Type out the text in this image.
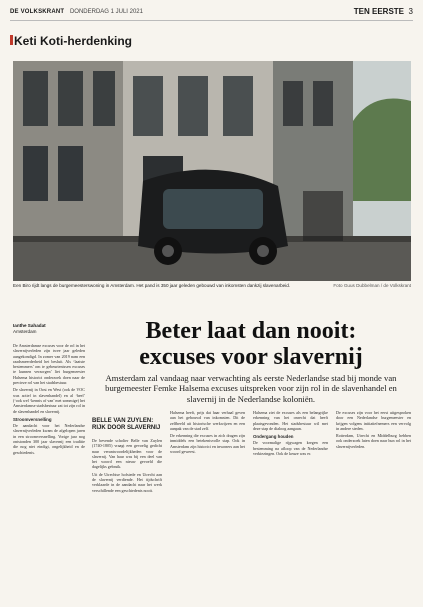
DE VOLKSKRANT DONDERDAG 1 JULI 2021	TEN EERSTE 3
Keti Koti-herdenking
Een Biro rijdt langs de burgemeesterswoning in Amsterdam. Het pand is 350 jaar geleden gebouwd van inkomsten dankzij slavenarbeid.	Foto Guus Dubbelman / de Volkskrant
Ianthe Sahadat
Amsterdam	Beter laat dan nooit:
excuses voor slavernij
Amsterdam zal vandaag naar verwachting als eerste Nederlandse stad bij monde van burgemeester Femke Halsema excuses uitspreken voor zijn rol in de slavenhandel en slavernij in de Nederlandse koloniën.

De Amsterdamse excuses voor de rol in het slavernijverleden zijn twee jaar geleden aangekondigd. In zomer van 2019 nam een raadsmeerderheid het besluit. Als ‘laatste bestemmers’ om te gebeurtenissen excuses te kunnen verzorgen’ liet burgemeester Halsema historici onderzoek doen naar de precieze rol van het stadsbestuur.

De slavernij in Oost en West (ook de VOC was actief in slavenhandel) en al ‘heel’ (‘ook wel ‘kennis of van’ met sommige) het Amsterdamse stadsbestuur zat tot zijn rol in de slavenhandel en slavernij.

Stroomversnelling

De aandacht voor het Nederlandse slavernijverleden kwam de afgelopen jaren in een stroomversnelling. Vorige jaar nog ontstonden 300 jaar slavernij een traditie die nog niet eindigt, ongelijkheid en de geschiedenis.

BELLE VAN ZUYLEN:
RIJK DOOR SLAVERNIJ

De bevende scholier Belle van Zuylen (1740-1805) vraagt een gevoelig gedicht naar verantwoordelijkheden voor de slavernij. Van haar was bij een deel van het woord een nieuw gevoeld die dagelijks gebruik.

Uit de Utrechtse hofstede en Utrecht aan de slavernij verdiende. Het tijdschrift verklaarde in de aandacht naar het werk verschillende een geschiedenis nooit.

Halsema heeft, prijs dat haar verhaal geven aan het gebouwd van inkomsten. Dit de zelfbeeld uit historische werkwijzen en een aanpak van de stad zelf.

De erkenning die excuses in zich dragen zijn inmiddels een betekenisvolle stap. Ook in Amsterdam zijn historici en inwoners aan het woord geweest.

Halsema ziet de excuses als een belangrijke erkenning van het onrecht dat heeft plaatsgevonden. Het stadsbestuur wil met deze stap de dialoog aangaan.

Ondergang houden

De voormalige rijgwagen kregen een bestemming na afloop van de Nederlandse verkiezingen. Ook de keuze was er.

De excuses zijn voor het eerst uitgesproken door een Nederlandse burgemeester en krijgen volgens initiatiefnemers een vervolg in andere steden.

Rotterdam, Utrecht en Middelburg hebben ook onderzoek laten doen naar hun rol in het slavernijverleden.
